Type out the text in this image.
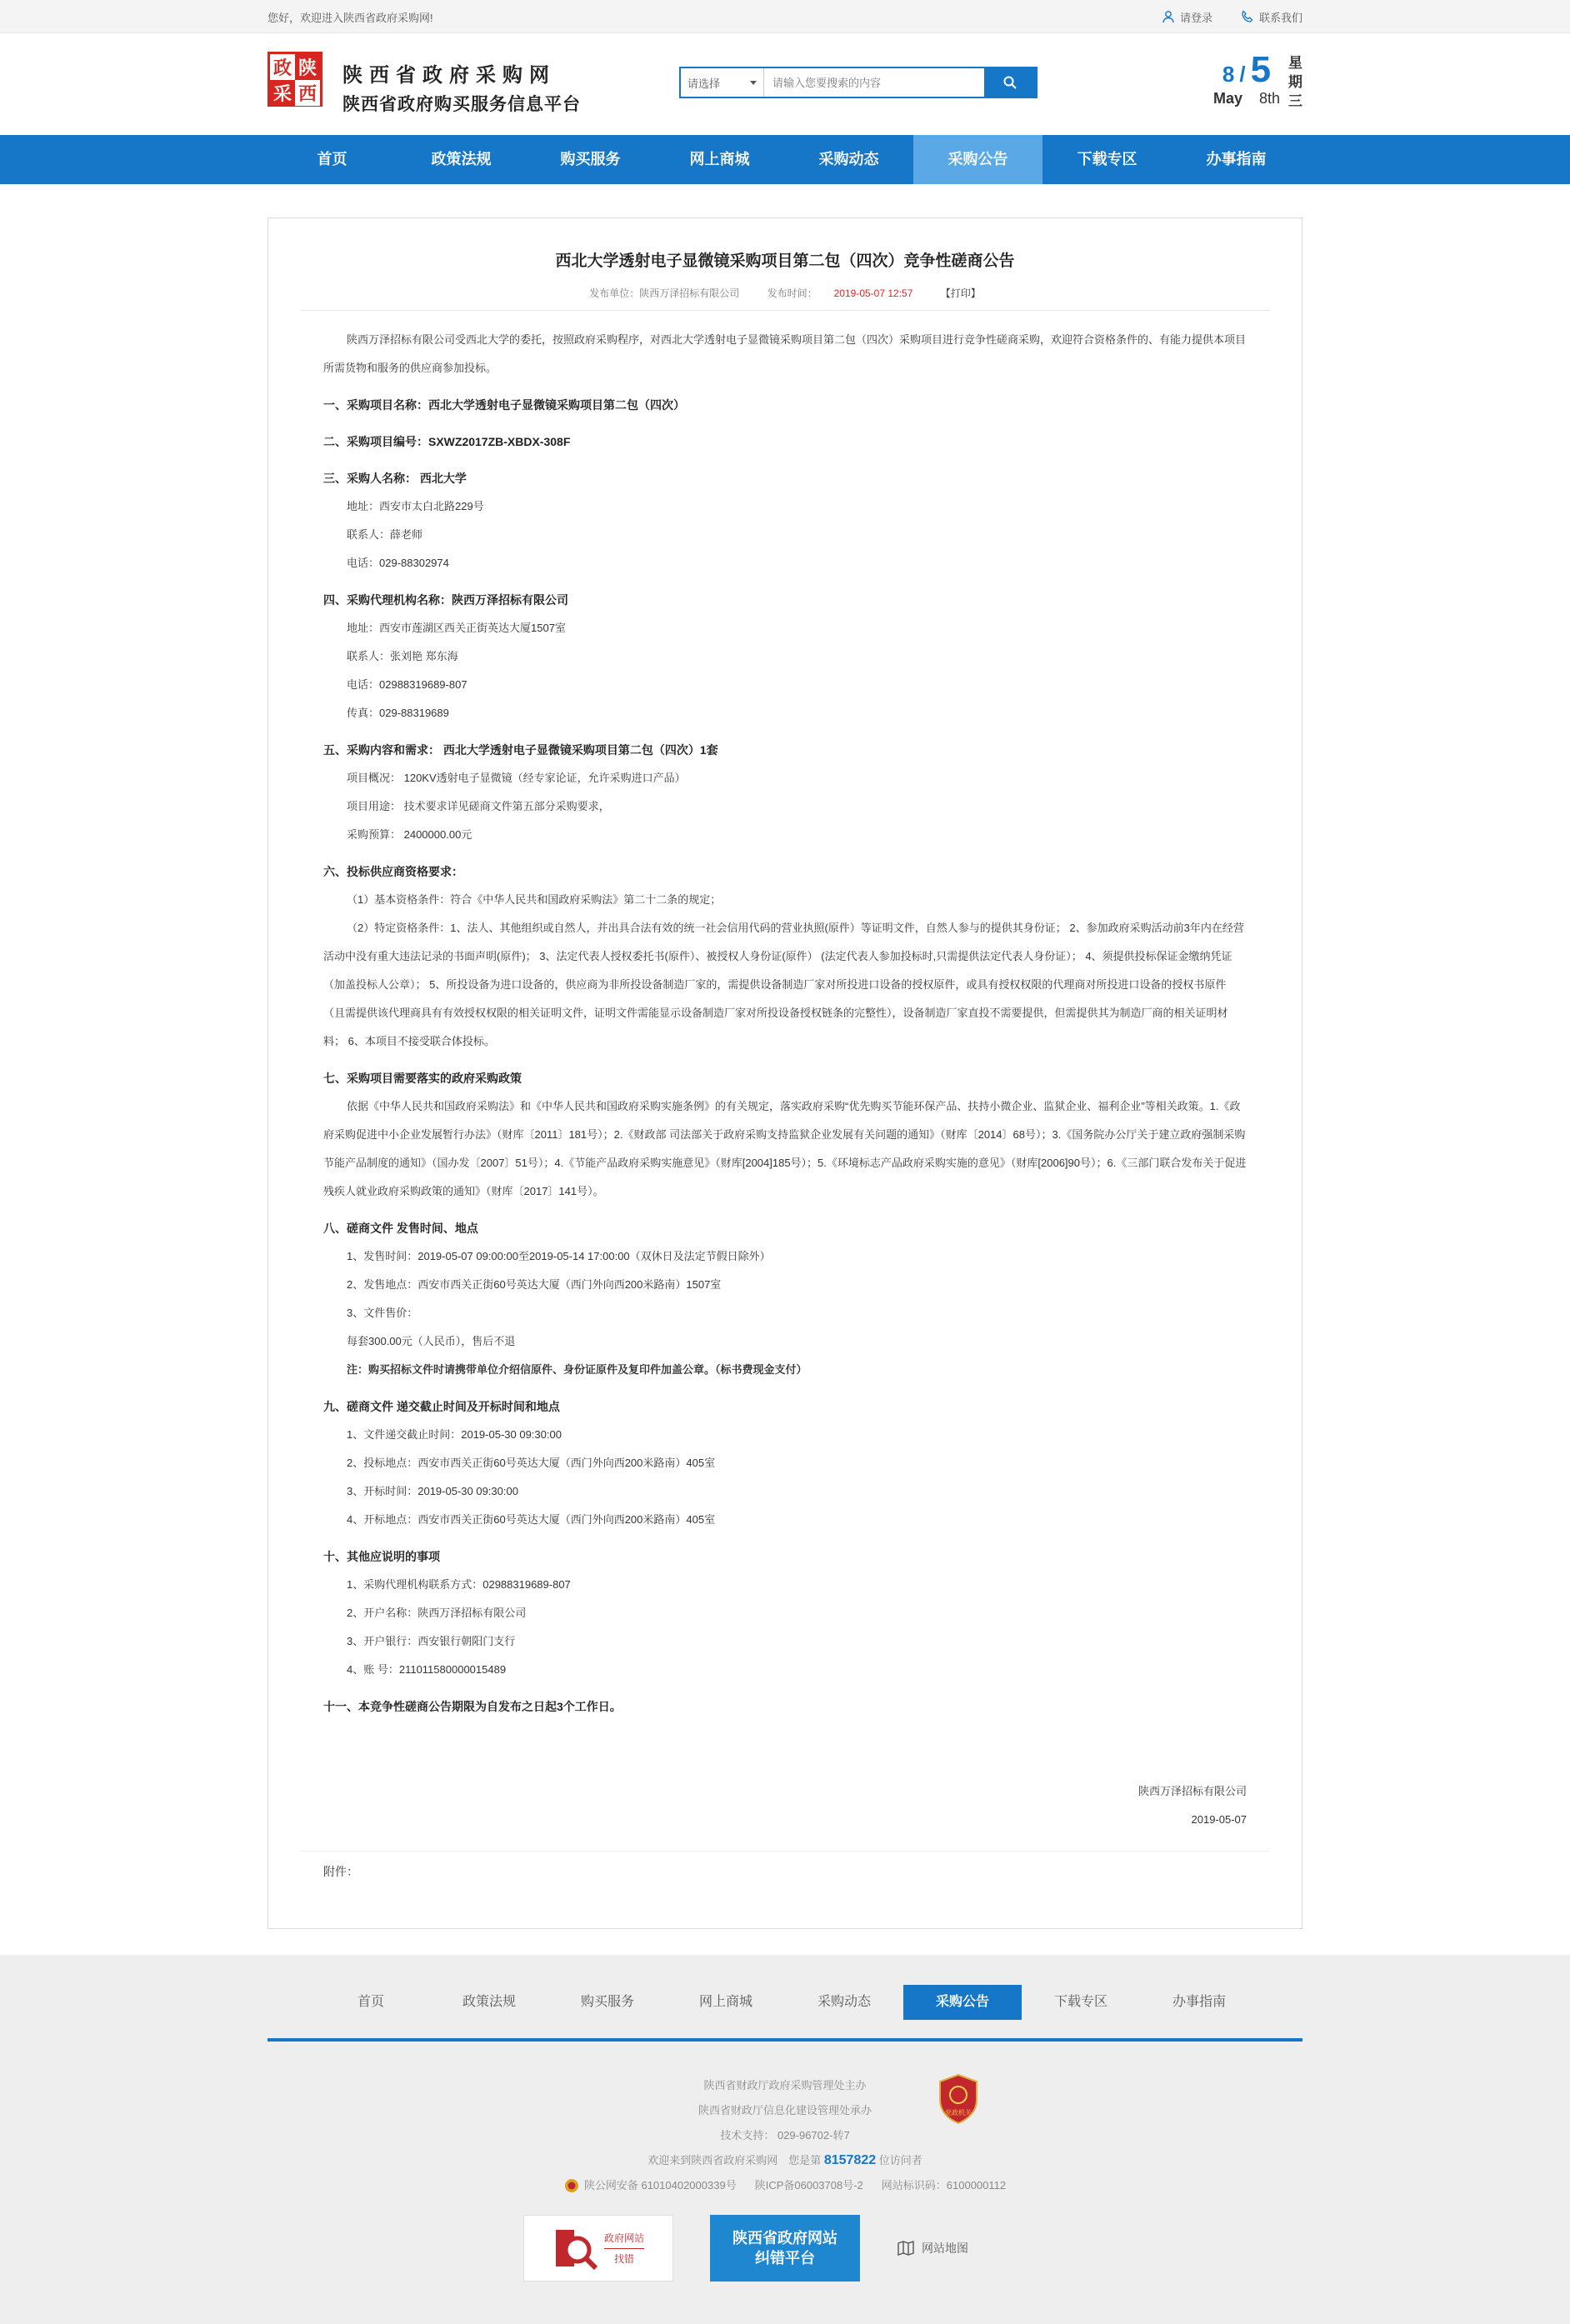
您好，欢迎进入陕西省政府采购网!	请登录	联系我们
政 陕
采 西
陕西省政府采购网
陕西省政府购买服务信息平台
请选择
请输入您要搜索的内容	8 / 5
May 8th
星
期
三
首页	政策法规	购买服务	网上商城	采购动态	采购公告	下载专区	办事指南
西北大学透射电子显微镜采购项目第二包（四次）竞争性磋商公告
发布单位：陕西万泽招标有限公司	发布时间： 2019-05-07 12:57	【打印】

陕西万泽招标有限公司受西北大学的委托，按照政府采购程序，对西北大学透射电子显微镜采购项目第二包（四次）采购项目进行竞争性磋商采购，欢迎符合资格条件的、有能力提供本项目所需货物和服务的供应商参加投标。

一、采购项目名称：西北大学透射电子显微镜采购项目第二包（四次）
二、采购项目编号：SXWZ2017ZB-XBDX-308F
三、采购人名称： 西北大学

地址：西安市太白北路229号

联系人：薛老师

电话：029-88302974

四、采购代理机构名称：陕西万泽招标有限公司

地址：西安市莲湖区西关正街英达大厦1507室

联系人：张刘艳 郑东海

电话：02988319689-807

传真：029-88319689

五、采购内容和需求： 西北大学透射电子显微镜采购项目第二包（四次）1套

项目概况： 120KV透射电子显微镜（经专家论证，允许采购进口产品）

项目用途： 技术要求详见磋商文件第五部分采购要求，

采购预算： 2400000.00元

六、投标供应商资格要求：

（1）基本资格条件：符合《中华人民共和国政府采购法》第二十二条的规定；

（2）特定资格条件：1、法人、其他组织或自然人，并出具合法有效的统一社会信用代码的营业执照(原件）等证明文件，自然人参与的提供其身份证； 2、参加政府采购活动前3年内在经营活动中没有重大违法记录的书面声明(原件)； 3、法定代表人授权委托书(原件）、被授权人身份证(原件） (法定代表人参加投标时,只需提供法定代表人身份证）； 4、须提供投标保证金缴纳凭证（加盖投标人公章）； 5、所投设备为进口设备的，供应商为非所投设备制造厂家的，需提供设备制造厂家对所投进口设备的授权原件，或具有授权权限的代理商对所投进口设备的授权书原件（且需提供该代理商具有有效授权权限的相关证明文件，证明文件需能显示设备制造厂家对所投设备授权链条的完整性），设备制造厂家直投不需要提供，但需提供其为制造厂商的相关证明材料； 6、本项目不接受联合体投标。

七、采购项目需要落实的政府采购政策

依据《中华人民共和国政府采购法》和《中华人民共和国政府采购实施条例》的有关规定，落实政府采购“优先购买节能环保产品、扶持小微企业、监狱企业、福利企业”等相关政策。1.《政府采购促进中小企业发展暂行办法》（财库〔2011〕181号）；2.《财政部 司法部关于政府采购支持监狱企业发展有关问题的通知》（财库〔2014〕68号）；3.《国务院办公厅关于建立政府强制采购节能产品制度的通知》（国办发〔2007〕51号）；4.《节能产品政府采购实施意见》（财库[2004]185号）；5.《环境标志产品政府采购实施的意见》（财库[2006]90号）；6.《三部门联合发布关于促进残疾人就业政府采购政策的通知》（财库〔2017〕141号）。

八、磋商文件 发售时间、地点

1、发售时间：2019-05-07 09:00:00至2019-05-14 17:00:00（双休日及法定节假日除外）

2、发售地点：西安市西关正街60号英达大厦（西门外向西200米路南）1507室

3、文件售价：

每套300.00元（人民币），售后不退

注：购买招标文件时请携带单位介绍信原件、身份证原件及复印件加盖公章。（标书费现金支付）

九、磋商文件 递交截止时间及开标时间和地点

1、文件递交截止时间：2019-05-30 09:30:00

2、投标地点：西安市西关正街60号英达大厦（西门外向西200米路南）405室

3、开标时间：2019-05-30 09:30:00

4、开标地点：西安市西关正街60号英达大厦（西门外向西200米路南）405室

十、其他应说明的事项

1、采购代理机构联系方式：02988319689-807

2、开户名称：陕西万泽招标有限公司

3、开户银行：西安银行朝阳门支行

4、账 号：211011580000015489

十一、本竞争性磋商公告期限为自发布之日起3个工作日。

陕西万泽招标有限公司

2019-05-07

附件：
首页	政策法规	购买服务	网上商城	采购动态	采购公告	下载专区	办事指南
党政机关

陕西省财政厅政府采购管理处主办

陕西省财政厅信息化建设管理处承办

技术支持： 029-96702-转7

欢迎来到陕西省政府采购网　您是第 8157822 位访问者

陕公网安备 61010402000339号 陕ICP备06003708号-2 网站标识码：6100000112
政府网站
找错
陕西省政府网站
纠错平台
网站地图
